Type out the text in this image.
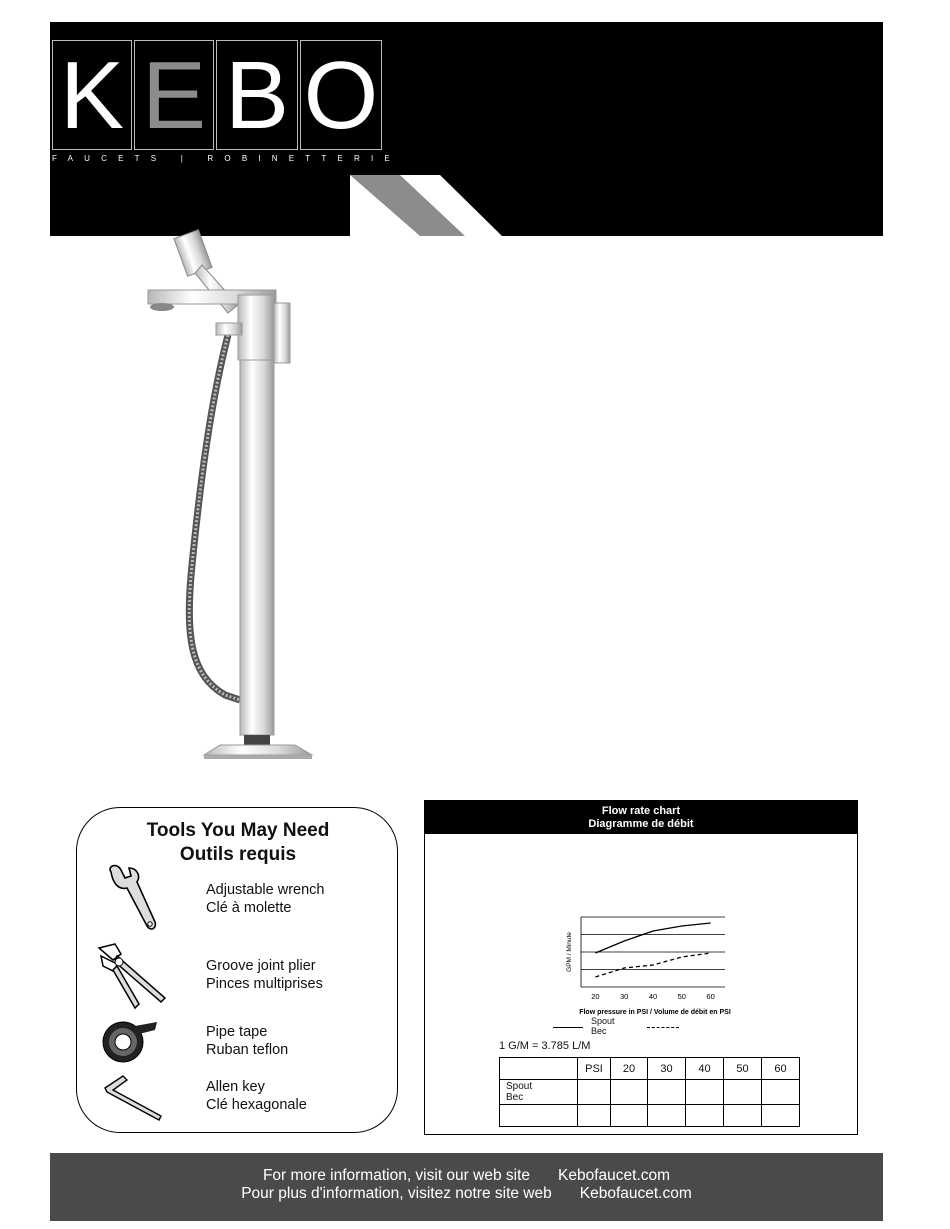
K E B O
FAUCETS | ROBINETTERIE
Tools You May Need
Outils requis
Adjustable wrench
Clé à molette
Groove joint plier
Pinces multiprises
Pipe tape
Ruban teflon
Allen key
Clé hexagonale
Flow rate chart
Diagramme de débit
20	30	40	50	60
Flow pressure in PSI / Volume de débit en PSI
GPM / Minute
Spout
Bec
1 G/M = 3.785 L/M
	PSI	20	30	40	50	60

Spout
Bec						

For more information, visit our web site Kebofaucet.com
Pour plus d'information, visitez notre site web Kebofaucet.com
